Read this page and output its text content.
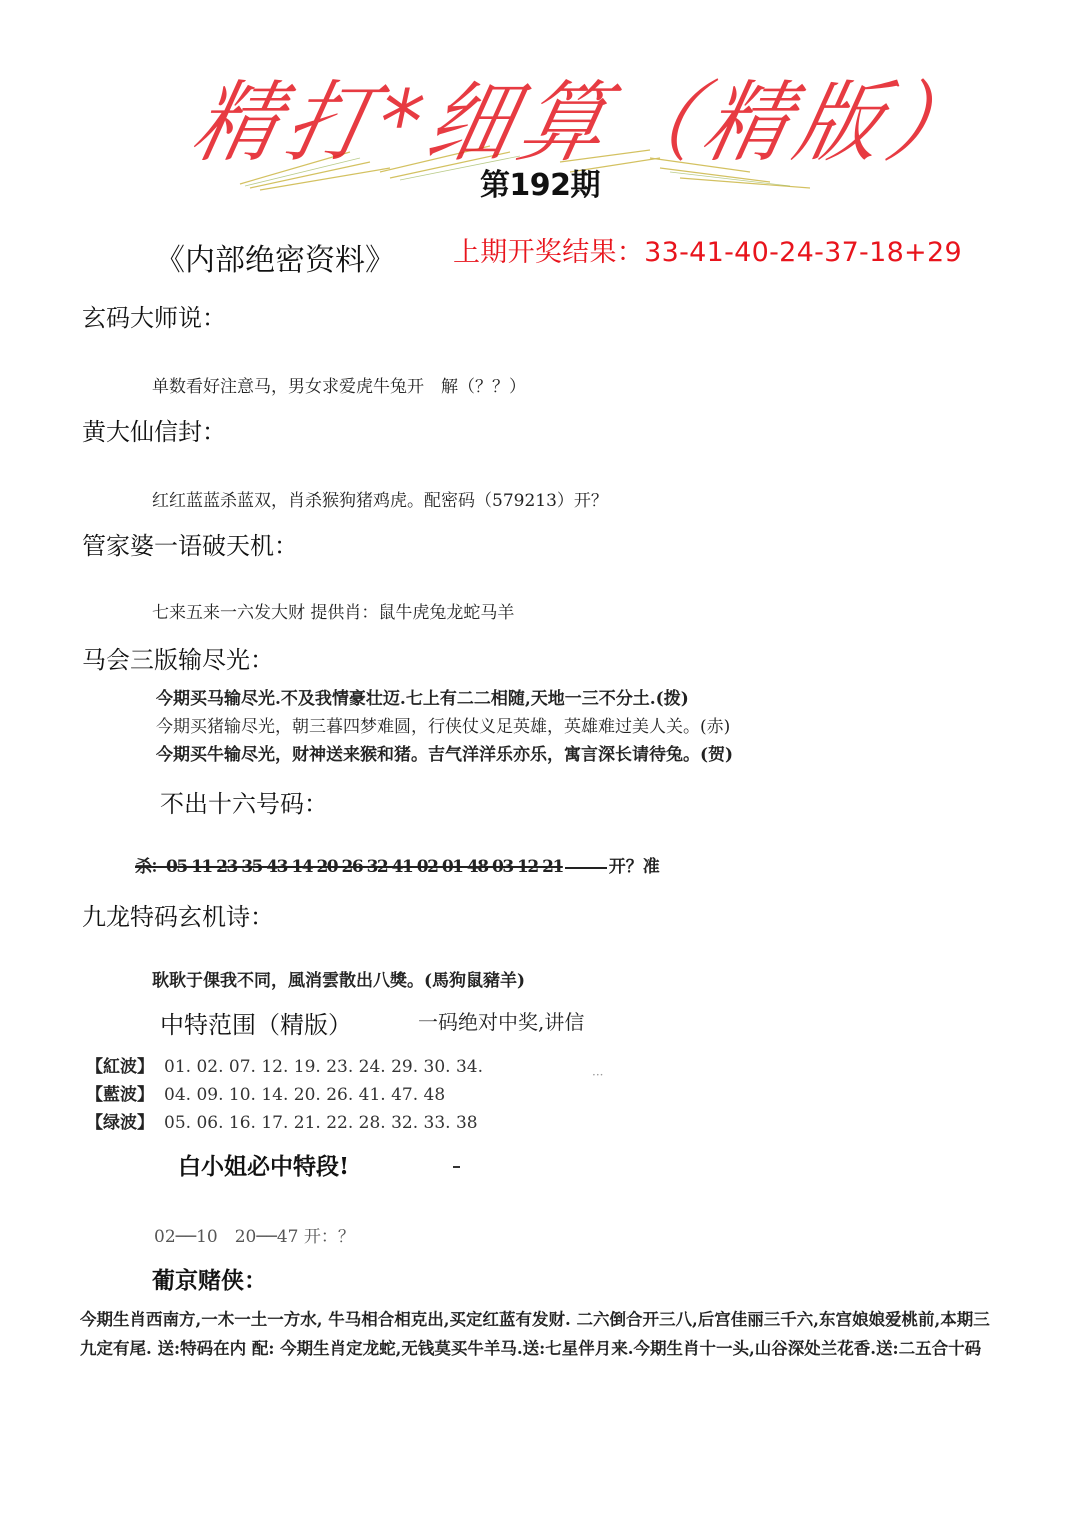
精打*细算（精版）
第192期
《内部绝密资料》 上期开奖结果：33-41-40-24-37-18+29
玄码大师说：
单数看好注意马，男女求爱虎牛兔开　解（？？）
黄大仙信封：
红红蓝蓝杀蓝双，肖杀猴狗猪鸡虎。配密码（579213）开？
管家婆一语破天机：
七来五来一六发大财 提供肖：鼠牛虎兔龙蛇马羊
马会三版输尽光：
今期买马输尽光.不及我情豪壮迈.七上有二二相随,天地一三不分土.(拨)
今期买猪输尽光，朝三暮四梦难圆，行侠仗义足英雄，英雄难过美人关。(赤)
今期买牛输尽光，财神送来猴和猪。吉气洋洋乐亦乐，寓言深长请待兔。(贺)
不出十六号码：
杀：05 11 23 35 43 14 20 26 32 41 02 01 48 03 12 21	开？准
九龙特码玄机诗：
耿耿于倮我不同，風消雲散出八獎。(馬狗鼠豬羊)
中特范围（精版）	一码绝对中奖,讲信
【紅波】 01. 02. 07. 12. 19. 23. 24. 29. 30. 34.
【藍波】 04. 09. 10. 14. 20. 26. 41. 47. 48
【绿波】 05. 06. 16. 17. 21. 22. 28. 32. 33. 38
···
白小姐必中特段!
02──10　20──47 开：？
葡京赌侠：
今期生肖西南方,一木一土一方水, 牛马相合相克出,买定红蓝有发财. 二六倒合开三八,后宫佳丽三千六,东宫娘娘爱桃前,本期三九定有尾. 送:特码在内 配: 今期生肖定龙蛇,无钱莫买牛羊马.送:七星伴月来.今期生肖十一头,山谷深处兰花香.送:二五合十码
